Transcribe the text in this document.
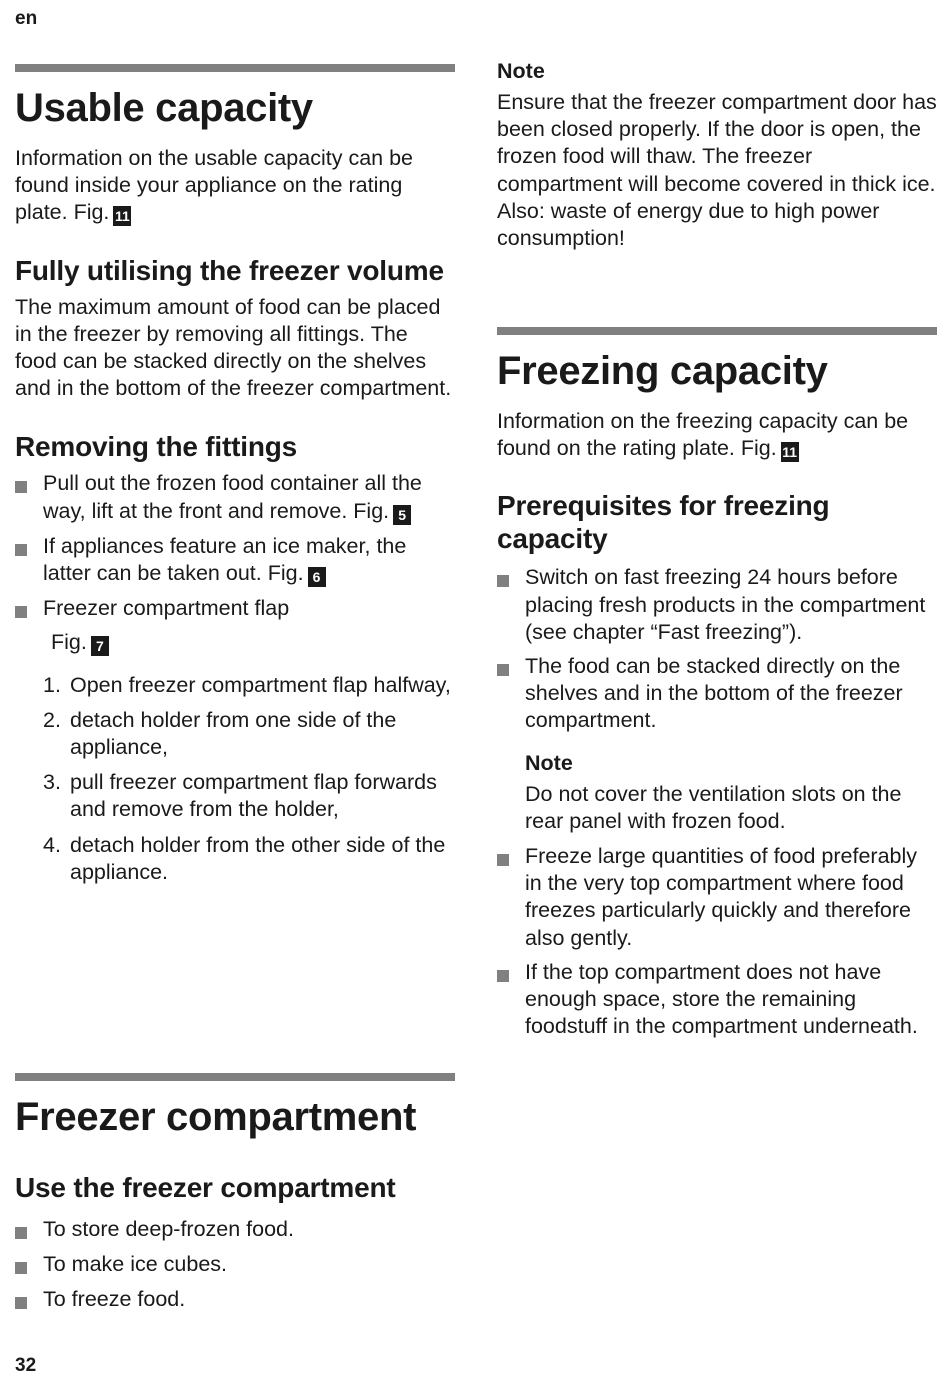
en
Usable capacity

Information on the usable capacity can be found inside your appliance on the rating plate. Fig. 11

Fully utilising the freezer volume

The maximum amount of food can be placed in the freezer by removing all fittings. The food can be stacked directly on the shelves and in the bottom of the freezer compartment.

Removing the fittings
Pull out the frozen food container all the way, lift at the front and remove. Fig. 5
If appliances feature an ice maker, the latter can be taken out. Fig. 6
Freezer compartment flap

Fig. 7

1. Open freezer compartment flap halfway,
2. detach holder from one side of the appliance,
3. pull freezer compartment flap forwards and remove from the holder,
4. detach holder from the other side of the appliance.
Freezer compartment
Use the freezer compartment
To store deep-frozen food.
To make ice cubes.
To freeze food.
Note

Ensure that the freezer compartment door has been closed properly. If the door is open, the frozen food will thaw. The freezer compartment will become covered in thick ice. Also: waste of energy due to high power consumption!

Freezing capacity

Information on the freezing capacity can be found on the rating plate. Fig. 11

Prerequisites for freezing capacity
Switch on fast freezing 24 hours before placing fresh products in the compartment (see chapter “Fast freezing”).
The food can be stacked directly on the shelves and in the bottom of the freezer compartment.
Note

Do not cover the ventilation slots on the rear panel with frozen food.

Freeze large quantities of food preferably in the very top compartment where food freezes particularly quickly and therefore also gently.
If the top compartment does not have enough space, store the remaining foodstuff in the compartment underneath.
32
